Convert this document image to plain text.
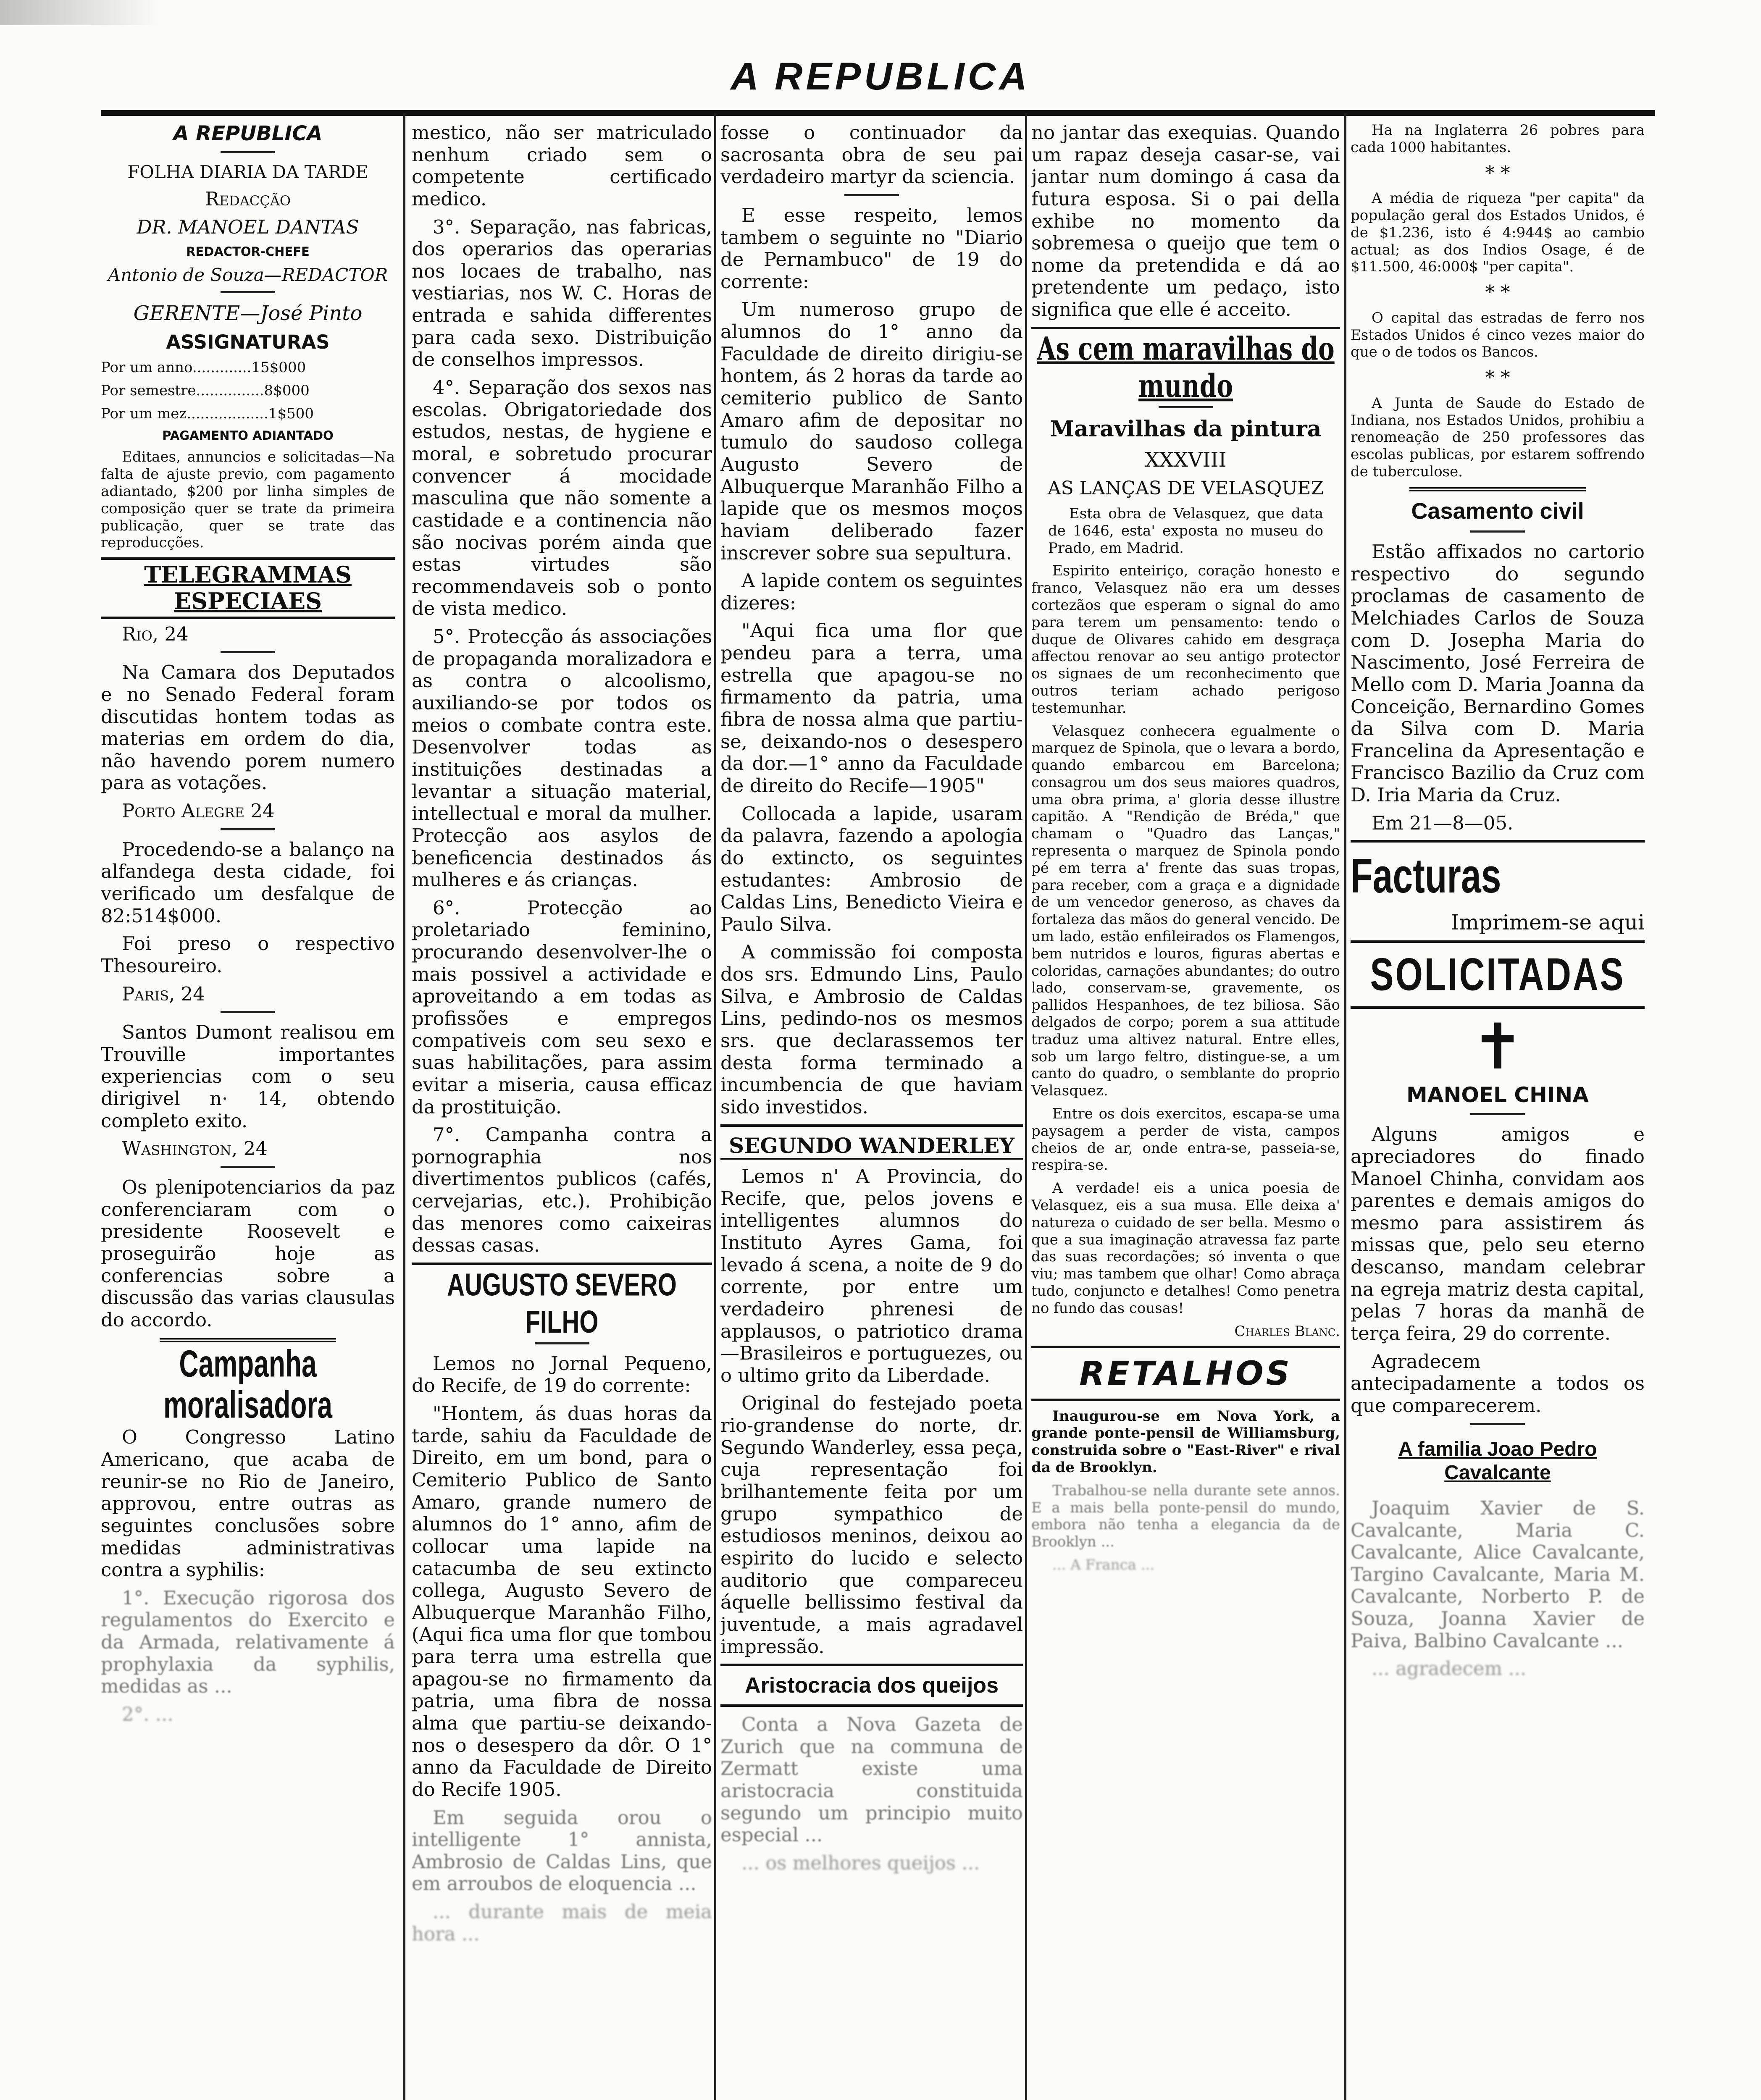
A REPUBLICA

A REPUBLICA

FOLHA DIARIA DA TARDE

Redacção

DR. MANOEL DANTAS

REDACTOR-CHEFE

Antonio de Souza—REDACTOR

GERENTE—José Pinto

ASSIGNATURAS

Por um anno.............15$000

Por semestre...............8$000

Por um mez..................1$500

PAGAMENTO ADIANTADO

Editaes, annuncios e solicitadas—Na falta de ajuste previo, com pagamento adiantado, $200 por linha simples de composição quer se trate da primeira publicação, quer se trate das reproducções.

TELEGRAMMAS ESPECIAES

Rio, 24

Na Camara dos Deputados e no Senado Federal foram discutidas hontem todas as materias em ordem do dia, não havendo porem numero para as votações.

Porto Alegre 24

Procedendo-se a balanço na alfandega desta cidade, foi verificado um desfalque de 82:514$000.

Foi preso o respectivo Thesoureiro.

Paris, 24

Santos Dumont realisou em Trouville importantes experiencias com o seu dirigivel n· 14, obtendo completo exito.

Washington, 24

Os plenipotenciarios da paz conferenciaram com o presidente Roosevelt e proseguirão hoje as conferencias sobre a discussão das varias clausulas do accordo.

Campanha moralisadora

O Congresso Latino Americano, que acaba de reunir-se no Rio de Janeiro, approvou, entre outras as seguintes conclusões sobre medidas administrativas contra a syphilis:

1°. Execução rigorosa dos regulamentos do Exercito e da Armada, relativamente á prophylaxia da syphilis, medidas as ...

2°. ...

mestico, não ser matriculado nenhum criado sem o competente certificado medico.

3°. Separação, nas fabricas, dos operarios das operarias nos locaes de trabalho, nas vestiarias, nos W. C. Horas de entrada e sahida differentes para cada sexo. Distribuição de conselhos impressos.

4°. Separação dos sexos nas escolas. Obrigatoriedade dos estudos, nestas, de hygiene e moral, e sobretudo procurar convencer á mocidade masculina que não somente a castidade e a continencia não são nocivas porém ainda que estas virtudes são recommendaveis sob o ponto de vista medico.

5°. Protecção ás associações de propaganda moralizadora e as contra o alcoolismo, auxiliando-se por todos os meios o combate contra este. Desenvolver todas as instituições destinadas a levantar a situação material, intellectual e moral da mulher. Protecção aos asylos de beneficencia destinados ás mulheres e ás crianças.

6°. Protecção ao proletariado feminino, procurando desenvolver-lhe o mais possivel a actividade e aproveitando a em todas as profissões e empregos compativeis com seu sexo e suas habilitações, para assim evitar a miseria, causa efficaz da prostituição.

7°. Campanha contra a pornographia nos divertimentos publicos (cafés, cervejarias, etc.). Prohibição das menores como caixeiras dessas casas.

AUGUSTO SEVERO FILHO

Lemos no Jornal Pequeno, do Recife, de 19 do corrente:

"Hontem, ás duas horas da tarde, sahiu da Faculdade de Direito, em um bond, para o Cemiterio Publico de Santo Amaro, grande numero de alumnos do 1° anno, afim de collocar uma lapide na catacumba de seu extincto collega, Augusto Severo de Albuquerque Maranhão Filho, (Aqui fica uma flor que tombou para terra uma estrella que apagou-se no firmamento da patria, uma fibra de nossa alma que partiu-se deixando-nos o desespero da dôr. O 1° anno da Faculdade de Direito do Recife 1905.

Em seguida orou o intelligente 1° annista, Ambrosio de Caldas Lins, que em arroubos de eloquencia ...

... durante mais de meia hora ...

fosse o continuador da sacrosanta obra de seu pai verdadeiro martyr da sciencia.

E esse respeito, lemos tambem o seguinte no "Diario de Pernambuco" de 19 do corrente:

Um numeroso grupo de alumnos do 1° anno da Faculdade de direito dirigiu-se hontem, ás 2 horas da tarde ao cemiterio publico de Santo Amaro afim de depositar no tumulo do saudoso collega Augusto Severo de Albuquerque Maranhão Filho a lapide que os mesmos moços haviam deliberado fazer inscrever sobre sua sepultura.

A lapide contem os seguintes dizeres:

"Aqui fica uma flor que pendeu para a terra, uma estrella que apagou-se no firmamento da patria, uma fibra de nossa alma que partiu-se, deixando-nos o desespero da dor.—1° anno da Faculdade de direito do Recife—1905"

Collocada a lapide, usaram da palavra, fazendo a apologia do extincto, os seguintes estudantes: Ambrosio de Caldas Lins, Benedicto Vieira e Paulo Silva.

A commissão foi composta dos srs. Edmundo Lins, Paulo Silva, e Ambrosio de Caldas Lins, pedindo-nos os mesmos srs. que declarassemos ter desta forma terminado a incumbencia de que haviam sido investidos.

SEGUNDO WANDERLEY

Lemos n' A Provincia, do Recife, que, pelos jovens e intelligentes alumnos do Instituto Ayres Gama, foi levado á scena, a noite de 9 do corrente, por entre um verdadeiro phrenesi de applausos, o patriotico drama—Brasileiros e portuguezes, ou o ultimo grito da Liberdade.

Original do festejado poeta rio-grandense do norte, dr. Segundo Wanderley, essa peça, cuja representação foi brilhantemente feita por um grupo sympathico de estudiosos meninos, deixou ao espirito do lucido e selecto auditorio que compareceu áquelle bellissimo festival da juventude, a mais agradavel impressão.

Aristocracia dos queijos

Conta a Nova Gazeta de Zurich que na communa de Zermatt existe uma aristocracia constituida segundo um principio muito especial ...

... os melhores queijos ...

no jantar das exequias. Quando um rapaz deseja casar-se, vai jantar num domingo á casa da futura esposa. Si o pai della exhibe no momento da sobremesa o queijo que tem o nome da pretendida e dá ao pretendente um pedaço, isto significa que elle é acceito.

As cem maravilhas do mundo

Maravilhas da pintura

XXXVIII

AS LANÇAS DE VELASQUEZ

Esta obra de Velasquez, que data de 1646, esta' exposta no museu do Prado, em Madrid.

Espirito enteiriço, coração honesto e franco, Velasquez não era um desses cortezãos que esperam o signal do amo para terem um pensamento: tendo o duque de Olivares cahido em desgraça affectou renovar ao seu antigo protector os signaes de um reconhecimento que outros teriam achado perigoso testemunhar.

Velasquez conhecera egualmente o marquez de Spinola, que o levara a bordo, quando embarcou em Barcelona; consagrou um dos seus maiores quadros, uma obra prima, a' gloria desse illustre capitão. A "Rendição de Bréda," que chamam o "Quadro das Lanças," representa o marquez de Spinola pondo pé em terra a' frente das suas tropas, para receber, com a graça e a dignidade de um vencedor generoso, as chaves da fortaleza das mãos do general vencido. De um lado, estão enfileirados os Flamengos, bem nutridos e louros, figuras abertas e coloridas, carnações abundantes; do outro lado, conservam-se, gravemente, os pallidos Hespanhoes, de tez biliosa. São delgados de corpo; porem a sua attitude traduz uma altivez natural. Entre elles, sob um largo feltro, distingue-se, a um canto do quadro, o semblante do proprio Velasquez.

Entre os dois exercitos, escapa-se uma paysagem a perder de vista, campos cheios de ar, onde entra-se, passeia-se, respira-se.

A verdade! eis a unica poesia de Velasquez, eis a sua musa. Elle deixa a' natureza o cuidado de ser bella. Mesmo o que a sua imaginação atravessa faz parte das suas recordações; só inventa o que viu; mas tambem que olhar! Como abraça tudo, conjuncto e detalhes! Como penetra no fundo das cousas!

Charles Blanc.

RETALHOS

Inaugurou-se em Nova York, a grande ponte-pensil de Williamsburg, construida sobre o "East-River" e rival da de Brooklyn.

Trabalhou-se nella durante sete annos. E a mais bella ponte-pensil do mundo, embora não tenha a elegancia da de Brooklyn ...

... A Franca ...

Ha na Inglaterra 26 pobres para cada 1000 habitantes.

* *

A média de riqueza "per capita" da população geral dos Estados Unidos, é de $1.236, isto é 4:944$ ao cambio actual; as dos Indios Osage, é de $11.500, 46:000$ "per capita".

* *

O capital das estradas de ferro nos Estados Unidos é cinco vezes maior do que o de todos os Bancos.

* *

A Junta de Saude do Estado de Indiana, nos Estados Unidos, prohibiu a renomeação de 250 professores das escolas publicas, por estarem soffrendo de tuberculose.

Casamento civil

Estão affixados no cartorio respectivo do segundo proclamas de casamento de Melchiades Carlos de Souza com D. Josepha Maria do Nascimento, José Ferreira de Mello com D. Maria Joanna da Conceição, Bernardino Gomes da Silva com D. Maria Francelina da Apresentação e Francisco Bazilio da Cruz com D. Iria Maria da Cruz.

Em 21—8—05.

Facturas

Imprimem-se aqui

SOLICITADAS

✝

MANOEL CHINA

Alguns amigos e apreciadores do finado Manoel Chinha, convidam aos parentes e demais amigos do mesmo para assistirem ás missas que, pelo seu eterno descanso, mandam celebrar na egreja matriz desta capital, pelas 7 horas da manhã de terça feira, 29 do corrente.

Agradecem antecipadamente a todos os que comparecerem.

A familia Joao Pedro Cavalcante

Joaquim Xavier de S. Cavalcante, Maria C. Cavalcante, Alice Cavalcante, Targino Cavalcante, Maria M. Cavalcante, Norberto P. de Souza, Joanna Xavier de Paiva, Balbino Cavalcante ...

... agradecem ...
